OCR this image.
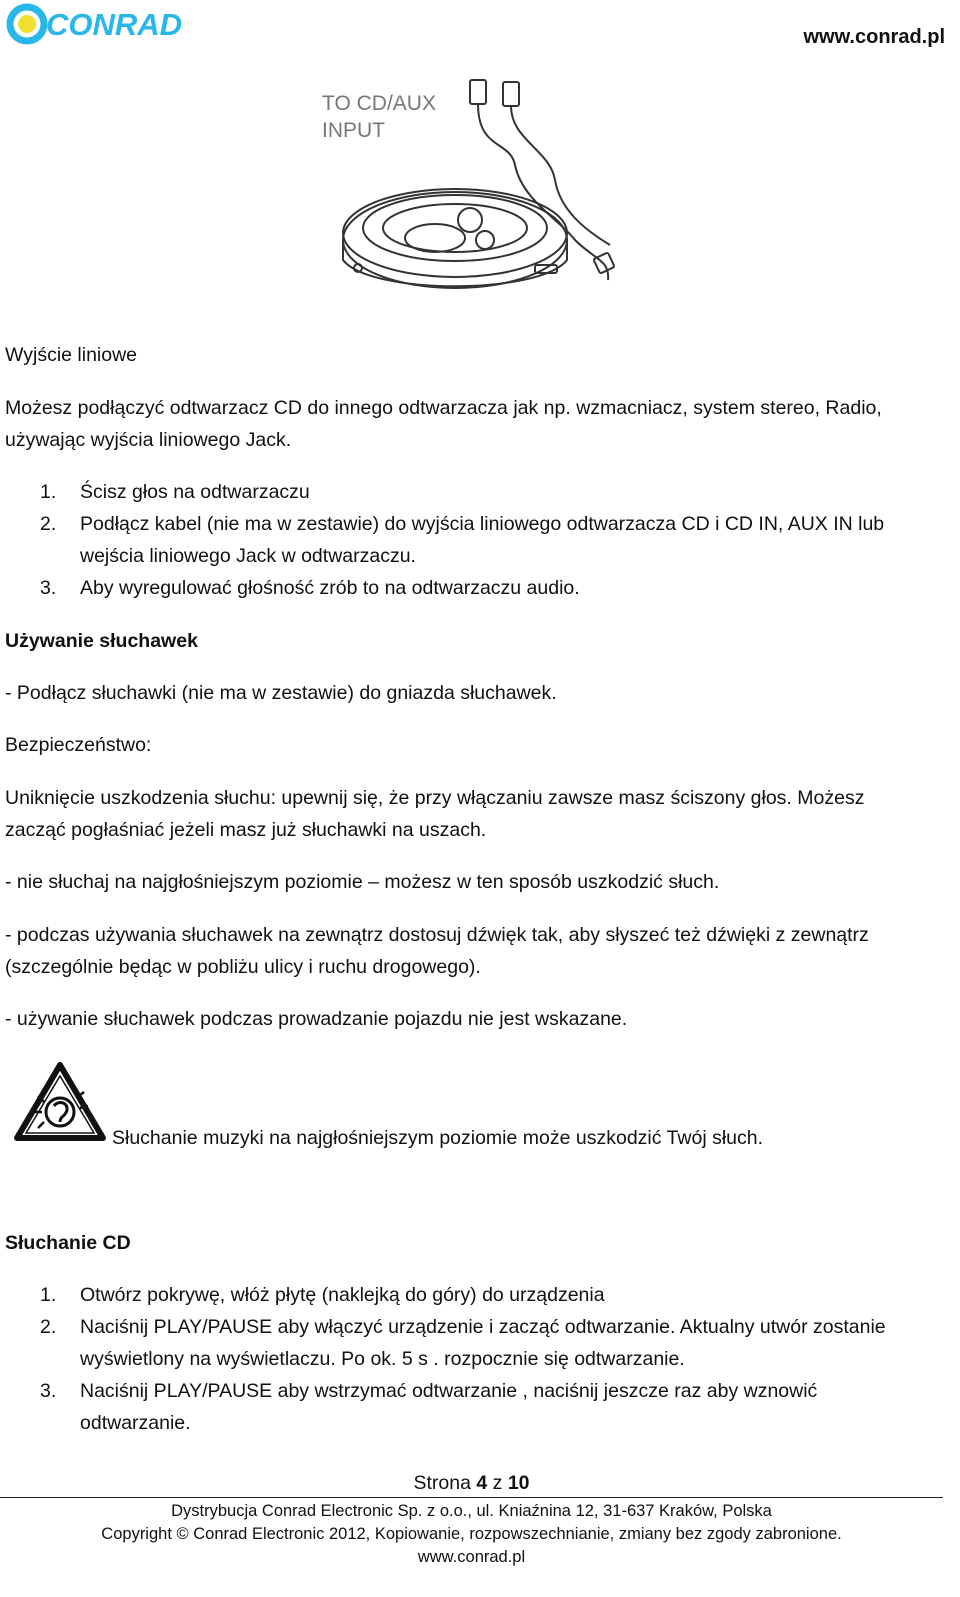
CONRAD	www.conrad.pl
TO CD/AUX
INPUT
Wyjście liniowe
Możesz podłączyć odtwarzacz CD do innego odtwarzacza jak np. wzmacniacz, system stereo, Radio,
używając wyjścia liniowego Jack.
1. Ścisz głos na odtwarzaczu
2. Podłącz kabel (nie ma w zestawie) do wyjścia liniowego odtwarzacza CD i CD IN, AUX IN lub
wejścia liniowego Jack w odtwarzaczu.
3. Aby wyregulować głośność zrób to na odtwarzaczu audio.
Używanie słuchawek
- Podłącz słuchawki (nie ma w zestawie) do gniazda słuchawek.
Bezpieczeństwo:
Uniknięcie uszkodzenia słuchu: upewnij się, że przy włączaniu zawsze masz ściszony głos. Możesz
zacząć pogłaśniać jeżeli masz już słuchawki na uszach.
- nie słuchaj na najgłośniejszym poziomie – możesz w ten sposób uszkodzić słuch.
- podczas używania słuchawek na zewnątrz dostosuj dźwięk tak, aby słyszeć też dźwięki z zewnątrz
(szczególnie będąc w pobliżu ulicy i ruchu drogowego).
- używanie słuchawek podczas prowadzanie pojazdu nie jest wskazane.
Słuchanie muzyki na najgłośniejszym poziomie może uszkodzić Twój słuch.
Słuchanie CD
1. Otwórz pokrywę, włóż płytę (naklejką do góry) do urządzenia
2. Naciśnij PLAY/PAUSE aby włączyć urządzenie i zacząć odtwarzanie. Aktualny utwór zostanie
wyświetlony na wyświetlaczu. Po ok. 5 s . rozpocznie się odtwarzanie.
3. Naciśnij PLAY/PAUSE aby wstrzymać odtwarzanie , naciśnij jeszcze raz aby wznowić
odtwarzanie.
Strona 4 z 10
Dystrybucja Conrad Electronic Sp. z o.o., ul. Kniaźnina 12, 31-637 Kraków, Polska
Copyright © Conrad Electronic 2012, Kopiowanie, rozpowszechnianie, zmiany bez zgody zabronione.
www.conrad.pl
